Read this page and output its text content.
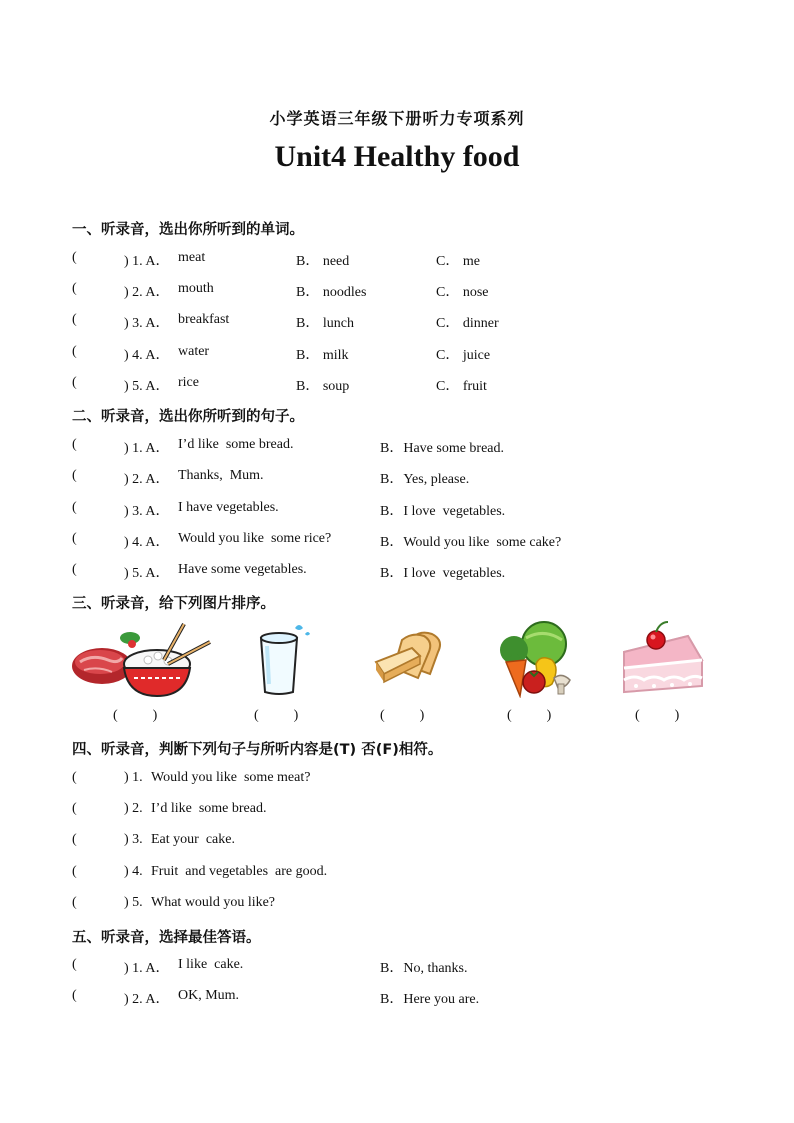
小学英语三年级下册听力专项系列
Unit4 Healthy food
一、听录音，选出你所听到的单词。
(	) 1. A． meat	B． need	C． me
(	) 2. A． mouth	B． noodles	C． nose
(	) 3. A． breakfast	B． lunch	C． dinner
(	) 4. A． water	B． milk	C． juice
(	) 5. A． rice	B． soup	C． fruit
二、听录音，选出你所听到的句子。
(	) 1. A． I’d like  some bread.	B．Have some bread.
(	) 2. A． Thanks,  Mum.	B．Yes, please.
(	) 3. A． I have vegetables.	B．I love  vegetables.
(	) 4. A． Would you like  some rice?	B．Would you like  some cake?
(	) 5. A． Have some vegetables.	B．I love  vegetables.
三、听录音，给下列图片排序。
(          )	(          )	(          )	(          )	(          )
四、听录音，判断下列句子与所听内容是(T) 否(F)相符。
(	) 1. Would you like  some meat?
(	) 2. I’d like  some bread.
(	) 3. Eat your  cake.
(	) 4. Fruit  and vegetables  are good.
(	) 5. What would you like?
五、听录音，选择最佳答语。
(	) 1. A． I like  cake.	B．No, thanks.
(	) 2. A． OK, Mum.	B．Here you are.
